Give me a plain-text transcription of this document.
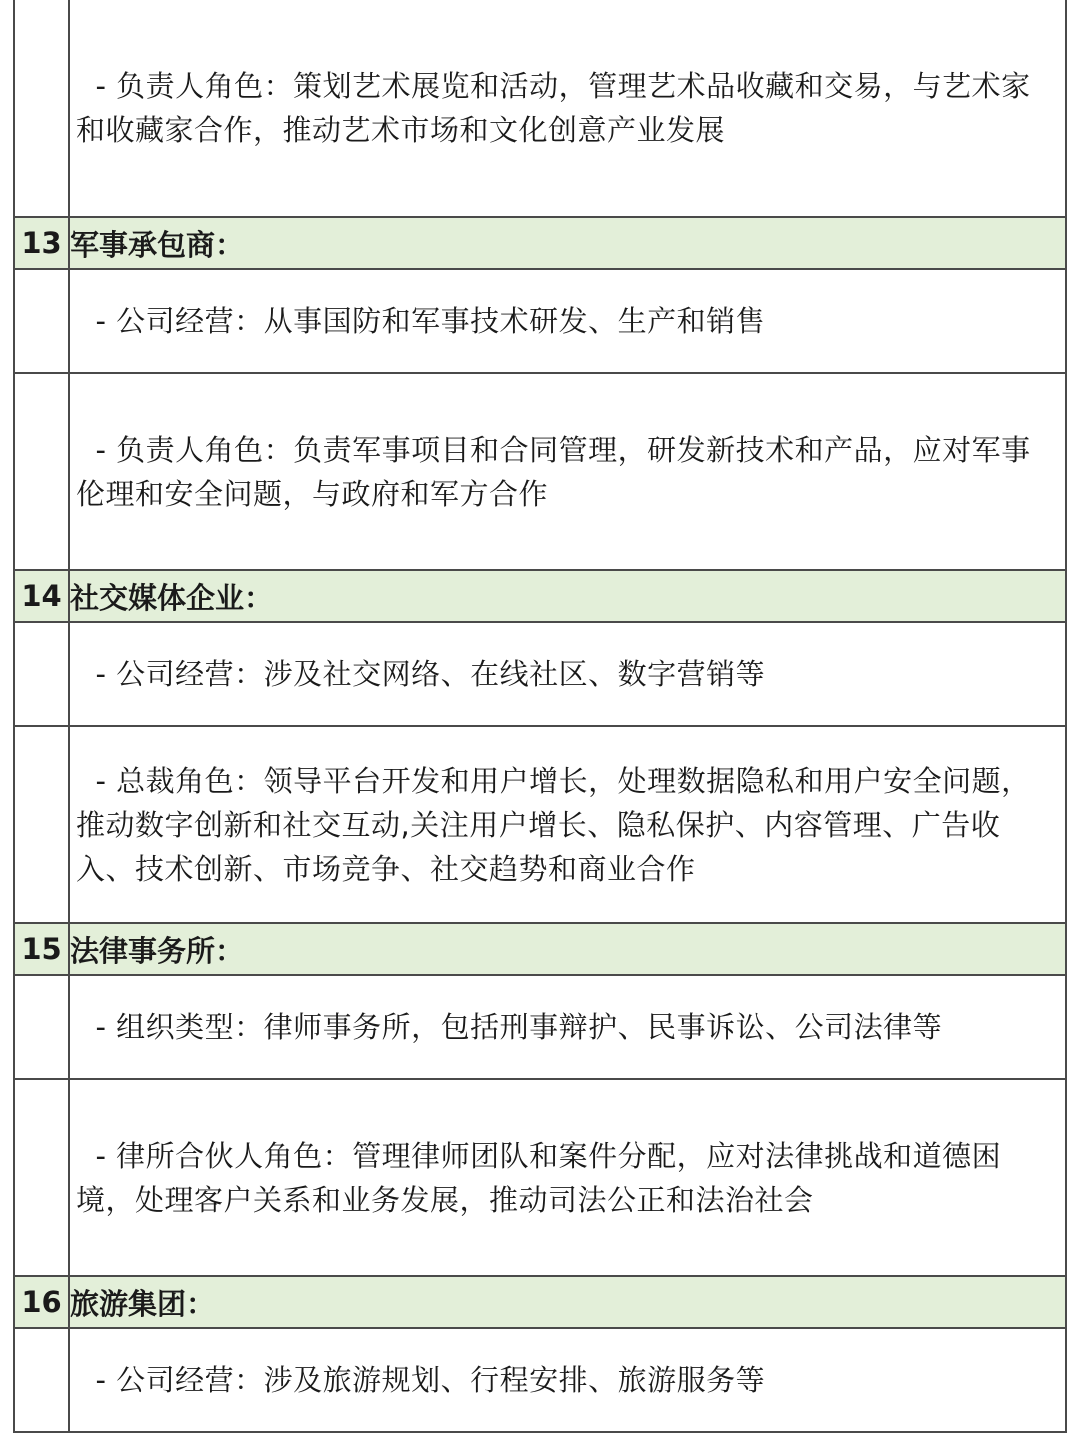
	- 负责人角色：策划艺术展览和活动，管理艺术品收藏和交易，与艺术家和收藏家合作，推动艺术市场和文化创意产业发展
13	军事承包商：
	- 公司经营：从事国防和军事技术研发、生产和销售
	- 负责人角色：负责军事项目和合同管理，研发新技术和产品，应对军事伦理和安全问题，与政府和军方合作
14	社交媒体企业：
	- 公司经营：涉及社交网络、在线社区、数字营销等
	- 总裁角色：领导平台开发和用户增长，处理数据隐私和用户安全问题，推动数字创新和社交互动,关注用户增长、隐私保护、内容管理、广告收入、技术创新、市场竞争、社交趋势和商业合作
15	法律事务所：
	- 组织类型：律师事务所，包括刑事辩护、民事诉讼、公司法律等
	- 律所合伙人角色：管理律师团队和案件分配，应对法律挑战和道德困境，处理客户关系和业务发展，推动司法公正和法治社会
16	旅游集团：
	- 公司经营：涉及旅游规划、行程安排、旅游服务等
